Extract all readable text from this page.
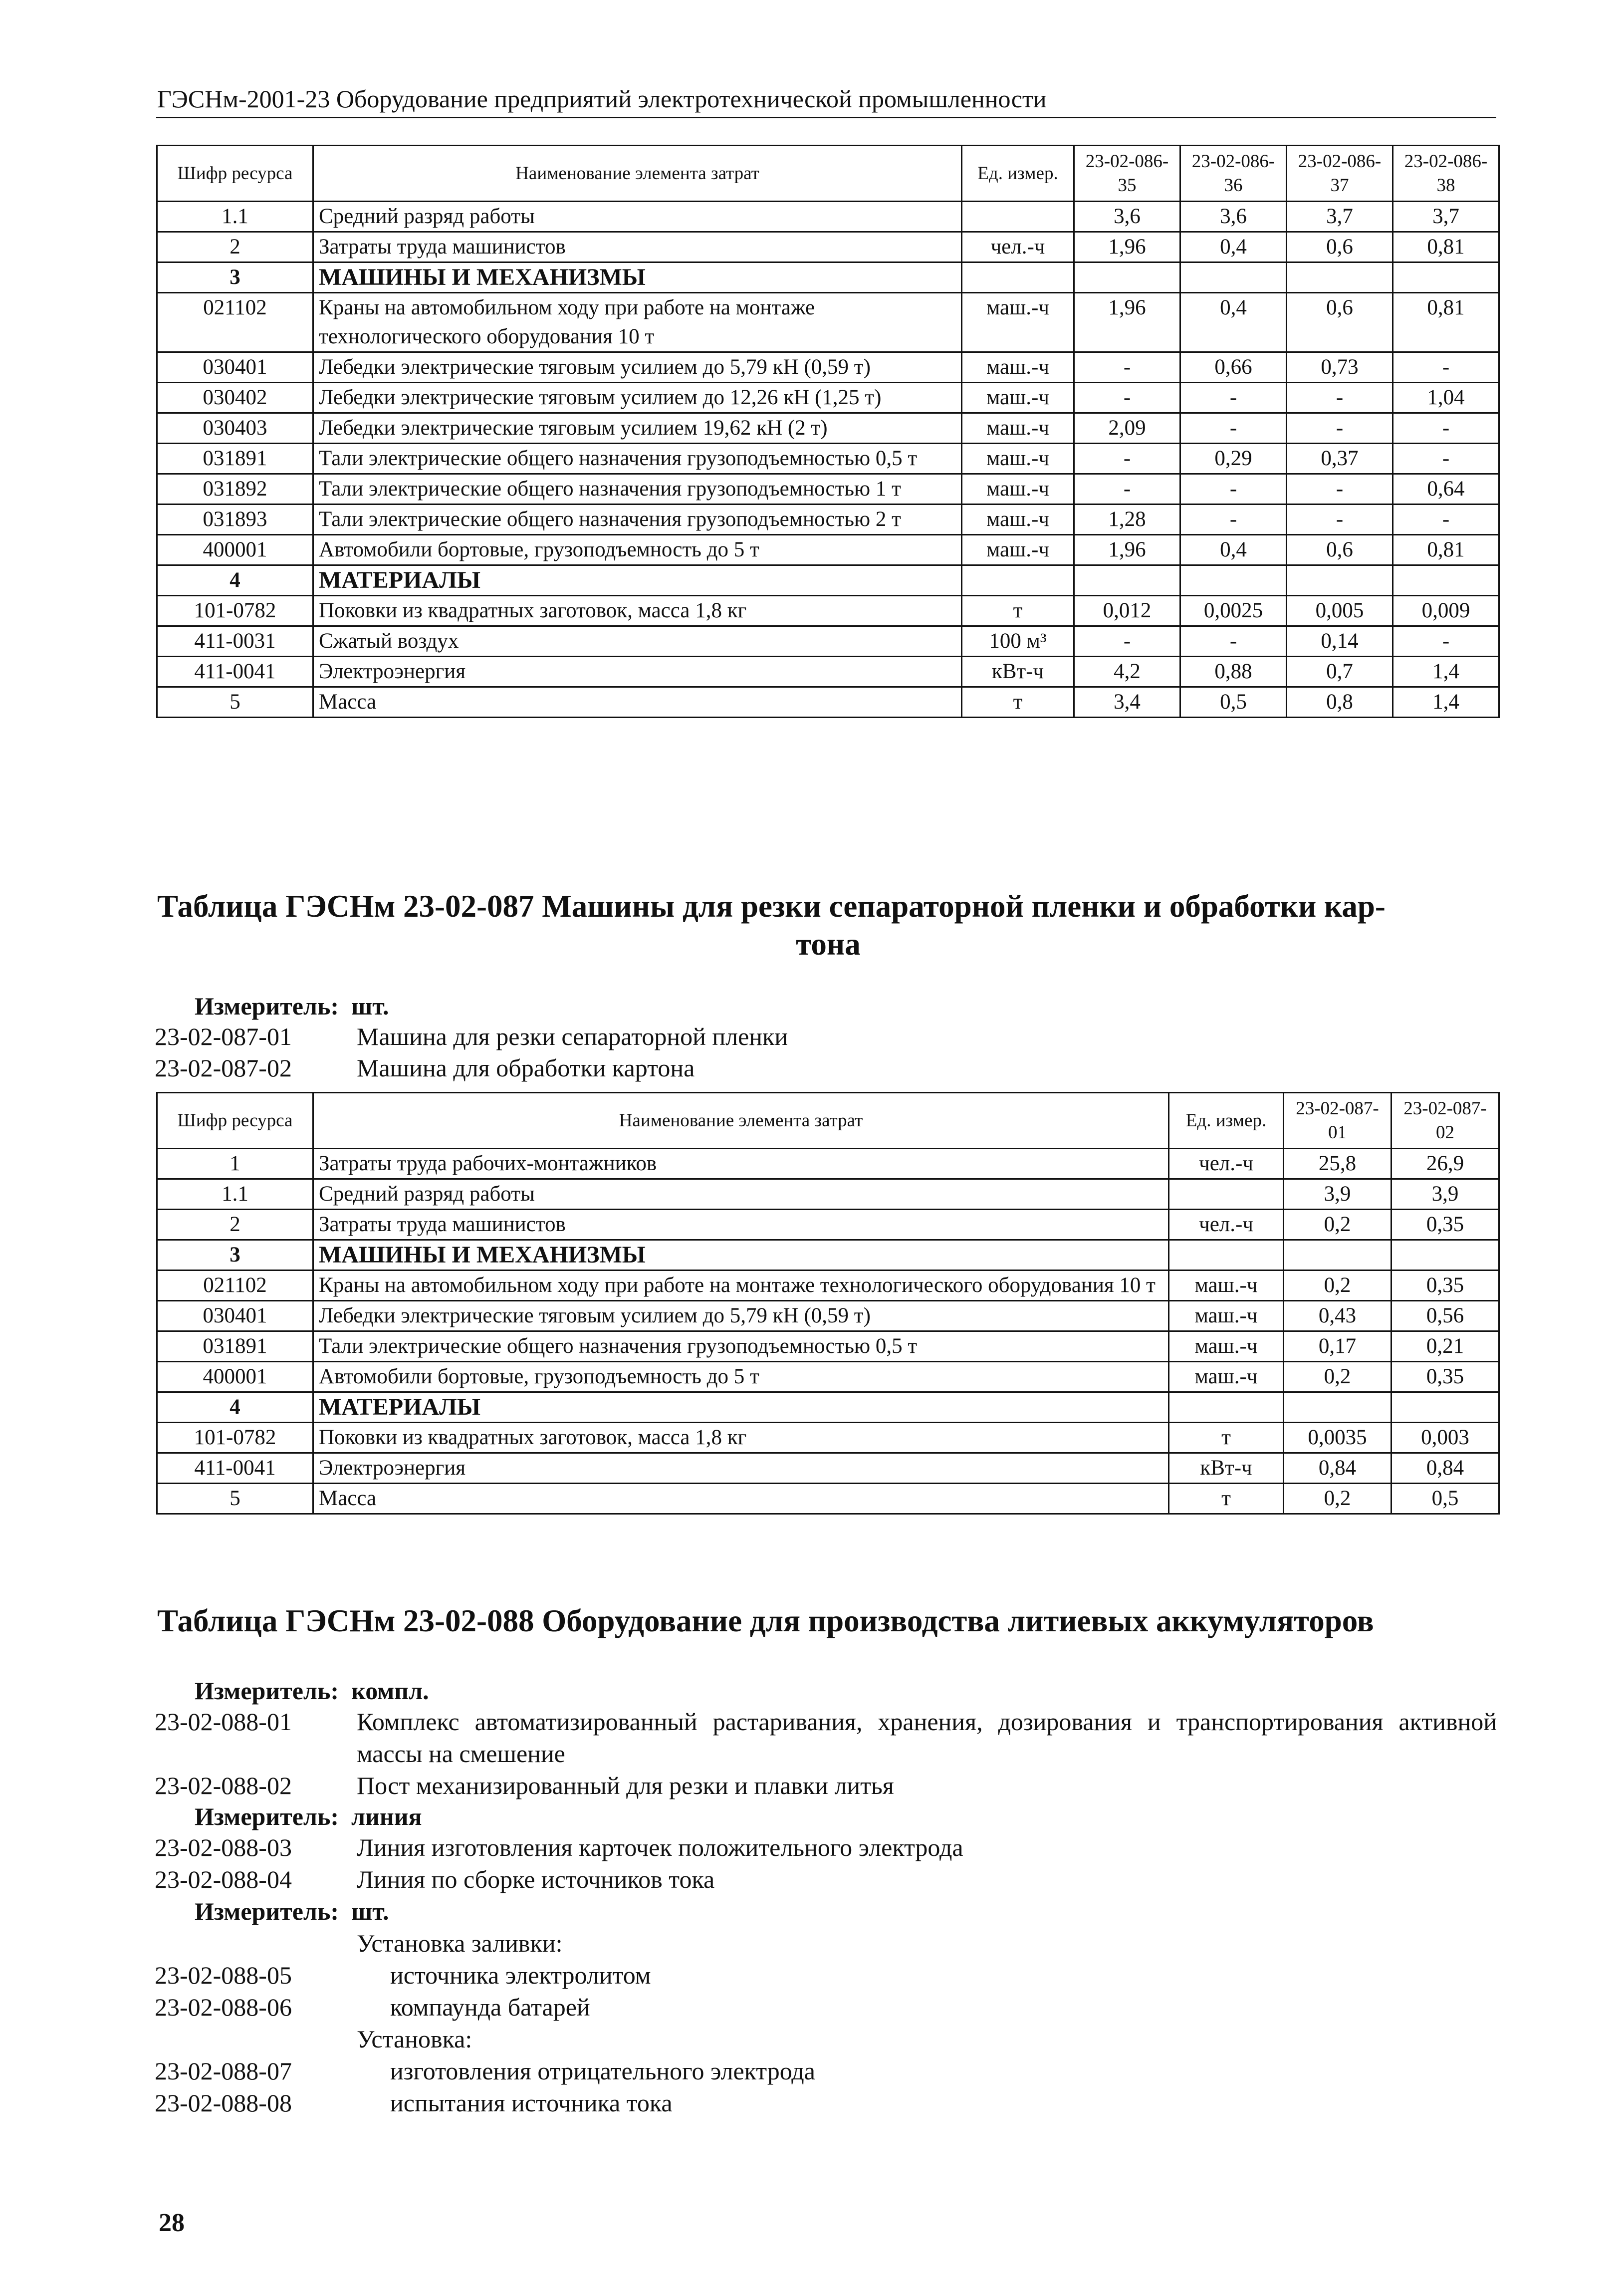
ГЭСНм-2001-23 Оборудование предприятий электротехнической промышленности
Шифр ресурса	Наименование элемента затрат	Ед. измер.	23-02-086-35	23-02-086-36	23-02-086-37	23-02-086-38
1.1	Средний разряд работы		3,6	3,6	3,7	3,7
2	Затраты труда машинистов	чел.-ч	1,96	0,4	0,6	0,81
3	МАШИНЫ И МЕХАНИЗМЫ					
021102	Краны на автомобильном ходу при работе на монтаже технологического оборудования 10 т	маш.-ч	1,96	0,4	0,6	0,81
030401	Лебедки электрические тяговым усилием до 5,79 кН (0,59 т)	маш.-ч	-	0,66	0,73	-
030402	Лебедки электрические тяговым усилием до 12,26 кН (1,25 т)	маш.-ч	-	-	-	1,04
030403	Лебедки электрические тяговым усилием 19,62 кН (2 т)	маш.-ч	2,09	-	-	-
031891	Тали электрические общего назначения грузоподъемностью 0,5 т	маш.-ч	-	0,29	0,37	-
031892	Тали электрические общего назначения грузоподъемностью 1 т	маш.-ч	-	-	-	0,64
031893	Тали электрические общего назначения грузоподъемностью 2 т	маш.-ч	1,28	-	-	-
400001	Автомобили бортовые, грузоподъемность до 5 т	маш.-ч	1,96	0,4	0,6	0,81
4	МАТЕРИАЛЫ					
101-0782	Поковки из квадратных заготовок, масса 1,8 кг	т	0,012	0,0025	0,005	0,009
411-0031	Сжатый воздух	100 м³	-	-	0,14	-
411-0041	Электроэнергия	кВт-ч	4,2	0,88	0,7	1,4
5	Масса	т	3,4	0,5	0,8	1,4
Таблица ГЭСНм 23-02-087 Машины для резки сепараторной пленки и обработки кар-
тона
Измеритель: шт.
23-02-087-01	Машина для резки сепараторной пленки
23-02-087-02	Машина для обработки картона
Шифр ресурса	Наименование элемента затрат	Ед. измер.	23-02-087-01	23-02-087-02
1	Затраты труда рабочих-монтажников	чел.-ч	25,8	26,9
1.1	Средний разряд работы		3,9	3,9
2	Затраты труда машинистов	чел.-ч	0,2	0,35
3	МАШИНЫ И МЕХАНИЗМЫ			
021102	Краны на автомобильном ходу при работе на монтаже технологического оборудования 10 т	маш.-ч	0,2	0,35
030401	Лебедки электрические тяговым усилием до 5,79 кН (0,59 т)	маш.-ч	0,43	0,56
031891	Тали электрические общего назначения грузоподъемностью 0,5 т	маш.-ч	0,17	0,21
400001	Автомобили бортовые, грузоподъемность до 5 т	маш.-ч	0,2	0,35
4	МАТЕРИАЛЫ			
101-0782	Поковки из квадратных заготовок, масса 1,8 кг	т	0,0035	0,003
411-0041	Электроэнергия	кВт-ч	0,84	0,84
5	Масса	т	0,2	0,5
Таблица ГЭСНм 23-02-088 Оборудование для производства литиевых аккумуляторов
Измеритель: компл.
23-02-088-01	Комплекс автоматизированный растаривания, хранения, дозирования и транспортирования активной массы на смешение
23-02-088-02	Пост механизированный для резки и плавки литья
Измеритель: линия
23-02-088-03	Линия изготовления карточек положительного электрода
23-02-088-04	Линия по сборке источников тока
Измеритель: шт.
Установка заливки:
23-02-088-05	источника электролитом
23-02-088-06	компаунда батарей
Установка:
23-02-088-07	изготовления отрицательного электрода
23-02-088-08	испытания источника тока
28
